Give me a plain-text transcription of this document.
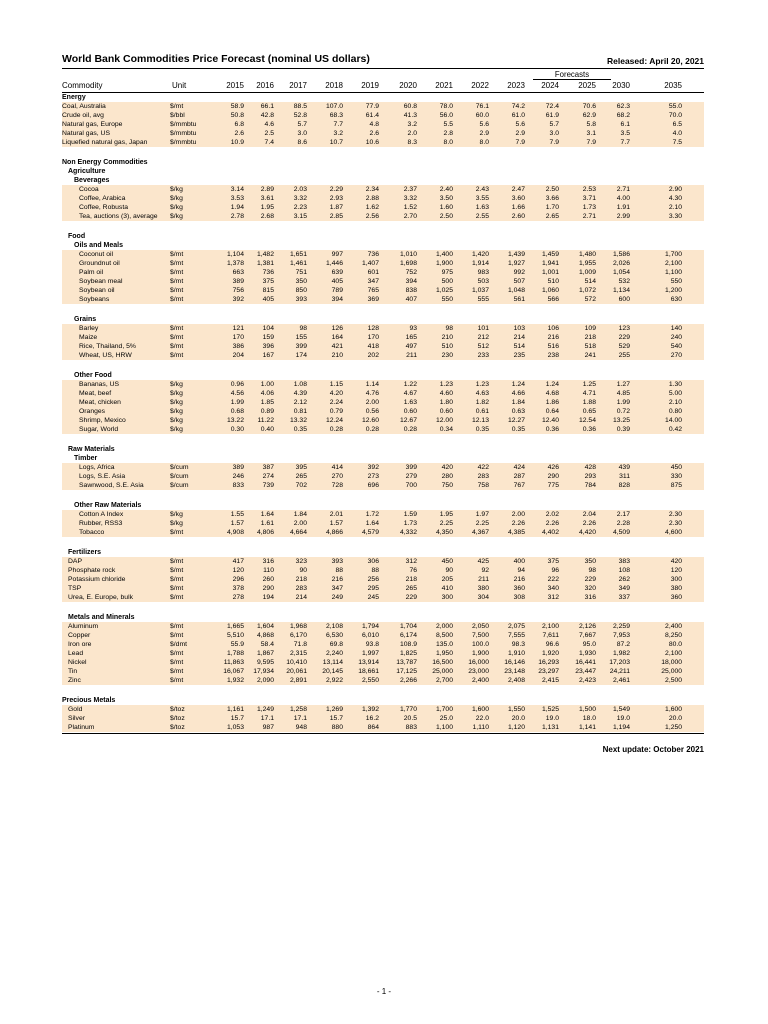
World Bank Commodities Price Forecast (nominal US dollars)	Released: April 20, 2021
Forecasts
Commodity	Unit	2015	2016	2017	2018	2019	2020	2021	2022	2023	2024	2025	2030	2035
Energy															
Coal, Australia	$/mt	58.9	66.1	88.5	107.0	77.9	60.8	78.0	76.1	74.2	72.4	70.6	62.3	55.0	
Crude oil, avg	$/bbl	50.8	42.8	52.8	68.3	61.4	41.3	56.0	60.0	61.0	61.9	62.9	68.2	70.0	
Natural gas, Europe	$/mmbtu	6.8	4.6	5.7	7.7	4.8	3.2	5.5	5.6	5.6	5.7	5.8	6.1	6.5	
Natural gas, US	$/mmbtu	2.6	2.5	3.0	3.2	2.6	2.0	2.8	2.9	2.9	3.0	3.1	3.5	4.0	
Liquefied natural gas, Japan	$/mmbtu	10.9	7.4	8.6	10.7	10.6	8.3	8.0	8.0	7.9	7.9	7.9	7.7	7.5	

Non Energy Commodities															
Agriculture															
Beverages															
Cocoa	$/kg	3.14	2.89	2.03	2.29	2.34	2.37	2.40	2.43	2.47	2.50	2.53	2.71	2.90	
Coffee, Arabica	$/kg	3.53	3.61	3.32	2.93	2.88	3.32	3.50	3.55	3.60	3.66	3.71	4.00	4.30	
Coffee, Robusta	$/kg	1.94	1.95	2.23	1.87	1.62	1.52	1.60	1.63	1.66	1.70	1.73	1.91	2.10	
Tea, auctions (3), average	$/kg	2.78	2.68	3.15	2.85	2.56	2.70	2.50	2.55	2.60	2.65	2.71	2.99	3.30	

Food															
Oils and Meals															
Coconut oil	$/mt	1,104	1,482	1,651	997	736	1,010	1,400	1,420	1,439	1,459	1,480	1,586	1,700	
Groundnut oil	$/mt	1,378	1,381	1,461	1,446	1,407	1,698	1,900	1,914	1,927	1,941	1,955	2,026	2,100	
Palm oil	$/mt	663	736	751	639	601	752	975	983	992	1,001	1,009	1,054	1,100	
Soybean meal	$/mt	389	375	350	405	347	394	500	503	507	510	514	532	550	
Soybean oil	$/mt	756	815	850	789	765	838	1,025	1,037	1,048	1,060	1,072	1,134	1,200	
Soybeans	$/mt	392	405	393	394	369	407	550	555	561	566	572	600	630	

Grains															
Barley	$/mt	121	104	98	126	128	93	98	101	103	106	109	123	140	
Maize	$/mt	170	159	155	164	170	165	210	212	214	216	218	229	240	
Rice, Thailand, 5%	$/mt	386	396	399	421	418	497	510	512	514	516	518	529	540	
Wheat, US, HRW	$/mt	204	167	174	210	202	211	230	233	235	238	241	255	270	

Other Food															
Bananas, US	$/kg	0.96	1.00	1.08	1.15	1.14	1.22	1.23	1.23	1.24	1.24	1.25	1.27	1.30	
Meat, beef	$/kg	4.56	4.06	4.39	4.20	4.76	4.67	4.60	4.63	4.66	4.68	4.71	4.85	5.00	
Meat, chicken	$/kg	1.99	1.85	2.12	2.24	2.00	1.63	1.80	1.82	1.84	1.86	1.88	1.99	2.10	
Oranges	$/kg	0.68	0.89	0.81	0.79	0.56	0.60	0.60	0.61	0.63	0.64	0.65	0.72	0.80	
Shrimp, Mexico	$/kg	13.22	11.22	13.32	12.24	12.60	12.67	12.00	12.13	12.27	12.40	12.54	13.25	14.00	
Sugar, World	$/kg	0.30	0.40	0.35	0.28	0.28	0.28	0.34	0.35	0.35	0.36	0.36	0.39	0.42	

Raw Materials															
Timber															
Logs, Africa	$/cum	389	387	395	414	392	399	420	422	424	426	428	439	450	
Logs, S.E. Asia	$/cum	246	274	265	270	273	279	280	283	287	290	293	311	330	
Sawnwood, S.E. Asia	$/cum	833	739	702	728	696	700	750	758	767	775	784	828	875	

Other Raw Materials															
Cotton A Index	$/kg	1.55	1.64	1.84	2.01	1.72	1.59	1.95	1.97	2.00	2.02	2.04	2.17	2.30	
Rubber, RSS3	$/kg	1.57	1.61	2.00	1.57	1.64	1.73	2.25	2.25	2.26	2.26	2.26	2.28	2.30	
Tobacco	$/mt	4,908	4,806	4,664	4,866	4,579	4,332	4,350	4,367	4,385	4,402	4,420	4,509	4,600	

Fertilizers															
DAP	$/mt	417	316	323	393	306	312	450	425	400	375	350	383	420	
Phosphate rock	$/mt	120	110	90	88	88	76	90	92	94	96	98	108	120	
Potassium chloride	$/mt	296	260	218	216	256	218	205	211	216	222	229	262	300	
TSP	$/mt	378	290	283	347	295	265	410	380	360	340	320	349	380	
Urea, E. Europe, bulk	$/mt	278	194	214	249	245	229	300	304	308	312	316	337	360	

Metals and Minerals															
Aluminum	$/mt	1,665	1,604	1,968	2,108	1,794	1,704	2,000	2,050	2,075	2,100	2,126	2,259	2,400	
Copper	$/mt	5,510	4,868	6,170	6,530	6,010	6,174	8,500	7,500	7,555	7,611	7,667	7,953	8,250	
Iron ore	$/dmt	55.9	58.4	71.8	69.8	93.8	108.9	135.0	100.0	98.3	96.6	95.0	87.2	80.0	
Lead	$/mt	1,788	1,867	2,315	2,240	1,997	1,825	1,950	1,900	1,910	1,920	1,930	1,982	2,100	
Nickel	$/mt	11,863	9,595	10,410	13,114	13,914	13,787	16,500	16,000	16,146	16,293	16,441	17,203	18,000	
Tin	$/mt	16,067	17,934	20,061	20,145	18,661	17,125	25,000	23,000	23,148	23,297	23,447	24,211	25,000	
Zinc	$/mt	1,932	2,090	2,891	2,922	2,550	2,266	2,700	2,400	2,408	2,415	2,423	2,461	2,500	

Precious Metals															
Gold	$/toz	1,161	1,249	1,258	1,269	1,392	1,770	1,700	1,600	1,550	1,525	1,500	1,549	1,600	
Silver	$/toz	15.7	17.1	17.1	15.7	16.2	20.5	25.0	22.0	20.0	19.0	18.0	19.0	20.0	
Platinum	$/toz	1,053	987	948	880	864	883	1,100	1,110	1,120	1,131	1,141	1,194	1,250	
Next update: October 2021
- 1 -
